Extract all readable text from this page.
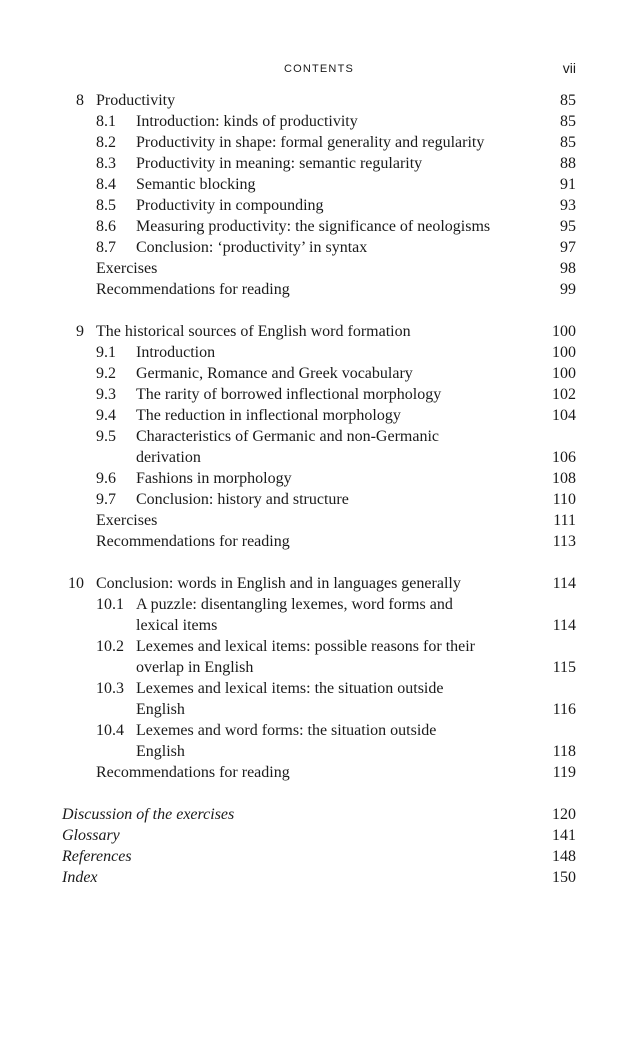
CONTENTS	vii
8 Productivity	85
8.1 Introduction: kinds of productivity	85
8.2 Productivity in shape: formal generality and regularity	85
8.3 Productivity in meaning: semantic regularity	88
8.4 Semantic blocking	91
8.5 Productivity in compounding	93
8.6 Measuring productivity: the significance of neologisms	95
8.7 Conclusion: ‘productivity’ in syntax	97
Exercises	98
Recommendations for reading	99
9 The historical sources of English word formation	100
9.1 Introduction	100
9.2 Germanic, Romance and Greek vocabulary	100
9.3 The rarity of borrowed inflectional morphology	102
9.4 The reduction in inflectional morphology	104
9.5 Characteristics of Germanic and non-Germanic
derivation	106
9.6 Fashions in morphology	108
9.7 Conclusion: history and structure	110
Exercises	111
Recommendations for reading	113
10 Conclusion: words in English and in languages generally	114
10.1 A puzzle: disentangling lexemes, word forms and
lexical items	114
10.2 Lexemes and lexical items: possible reasons for their
overlap in English	115
10.3 Lexemes and lexical items: the situation outside
English	116
10.4 Lexemes and word forms: the situation outside
English	118
Recommendations for reading	119
Discussion of the exercises	120
Glossary	141
References	148
Index	150
